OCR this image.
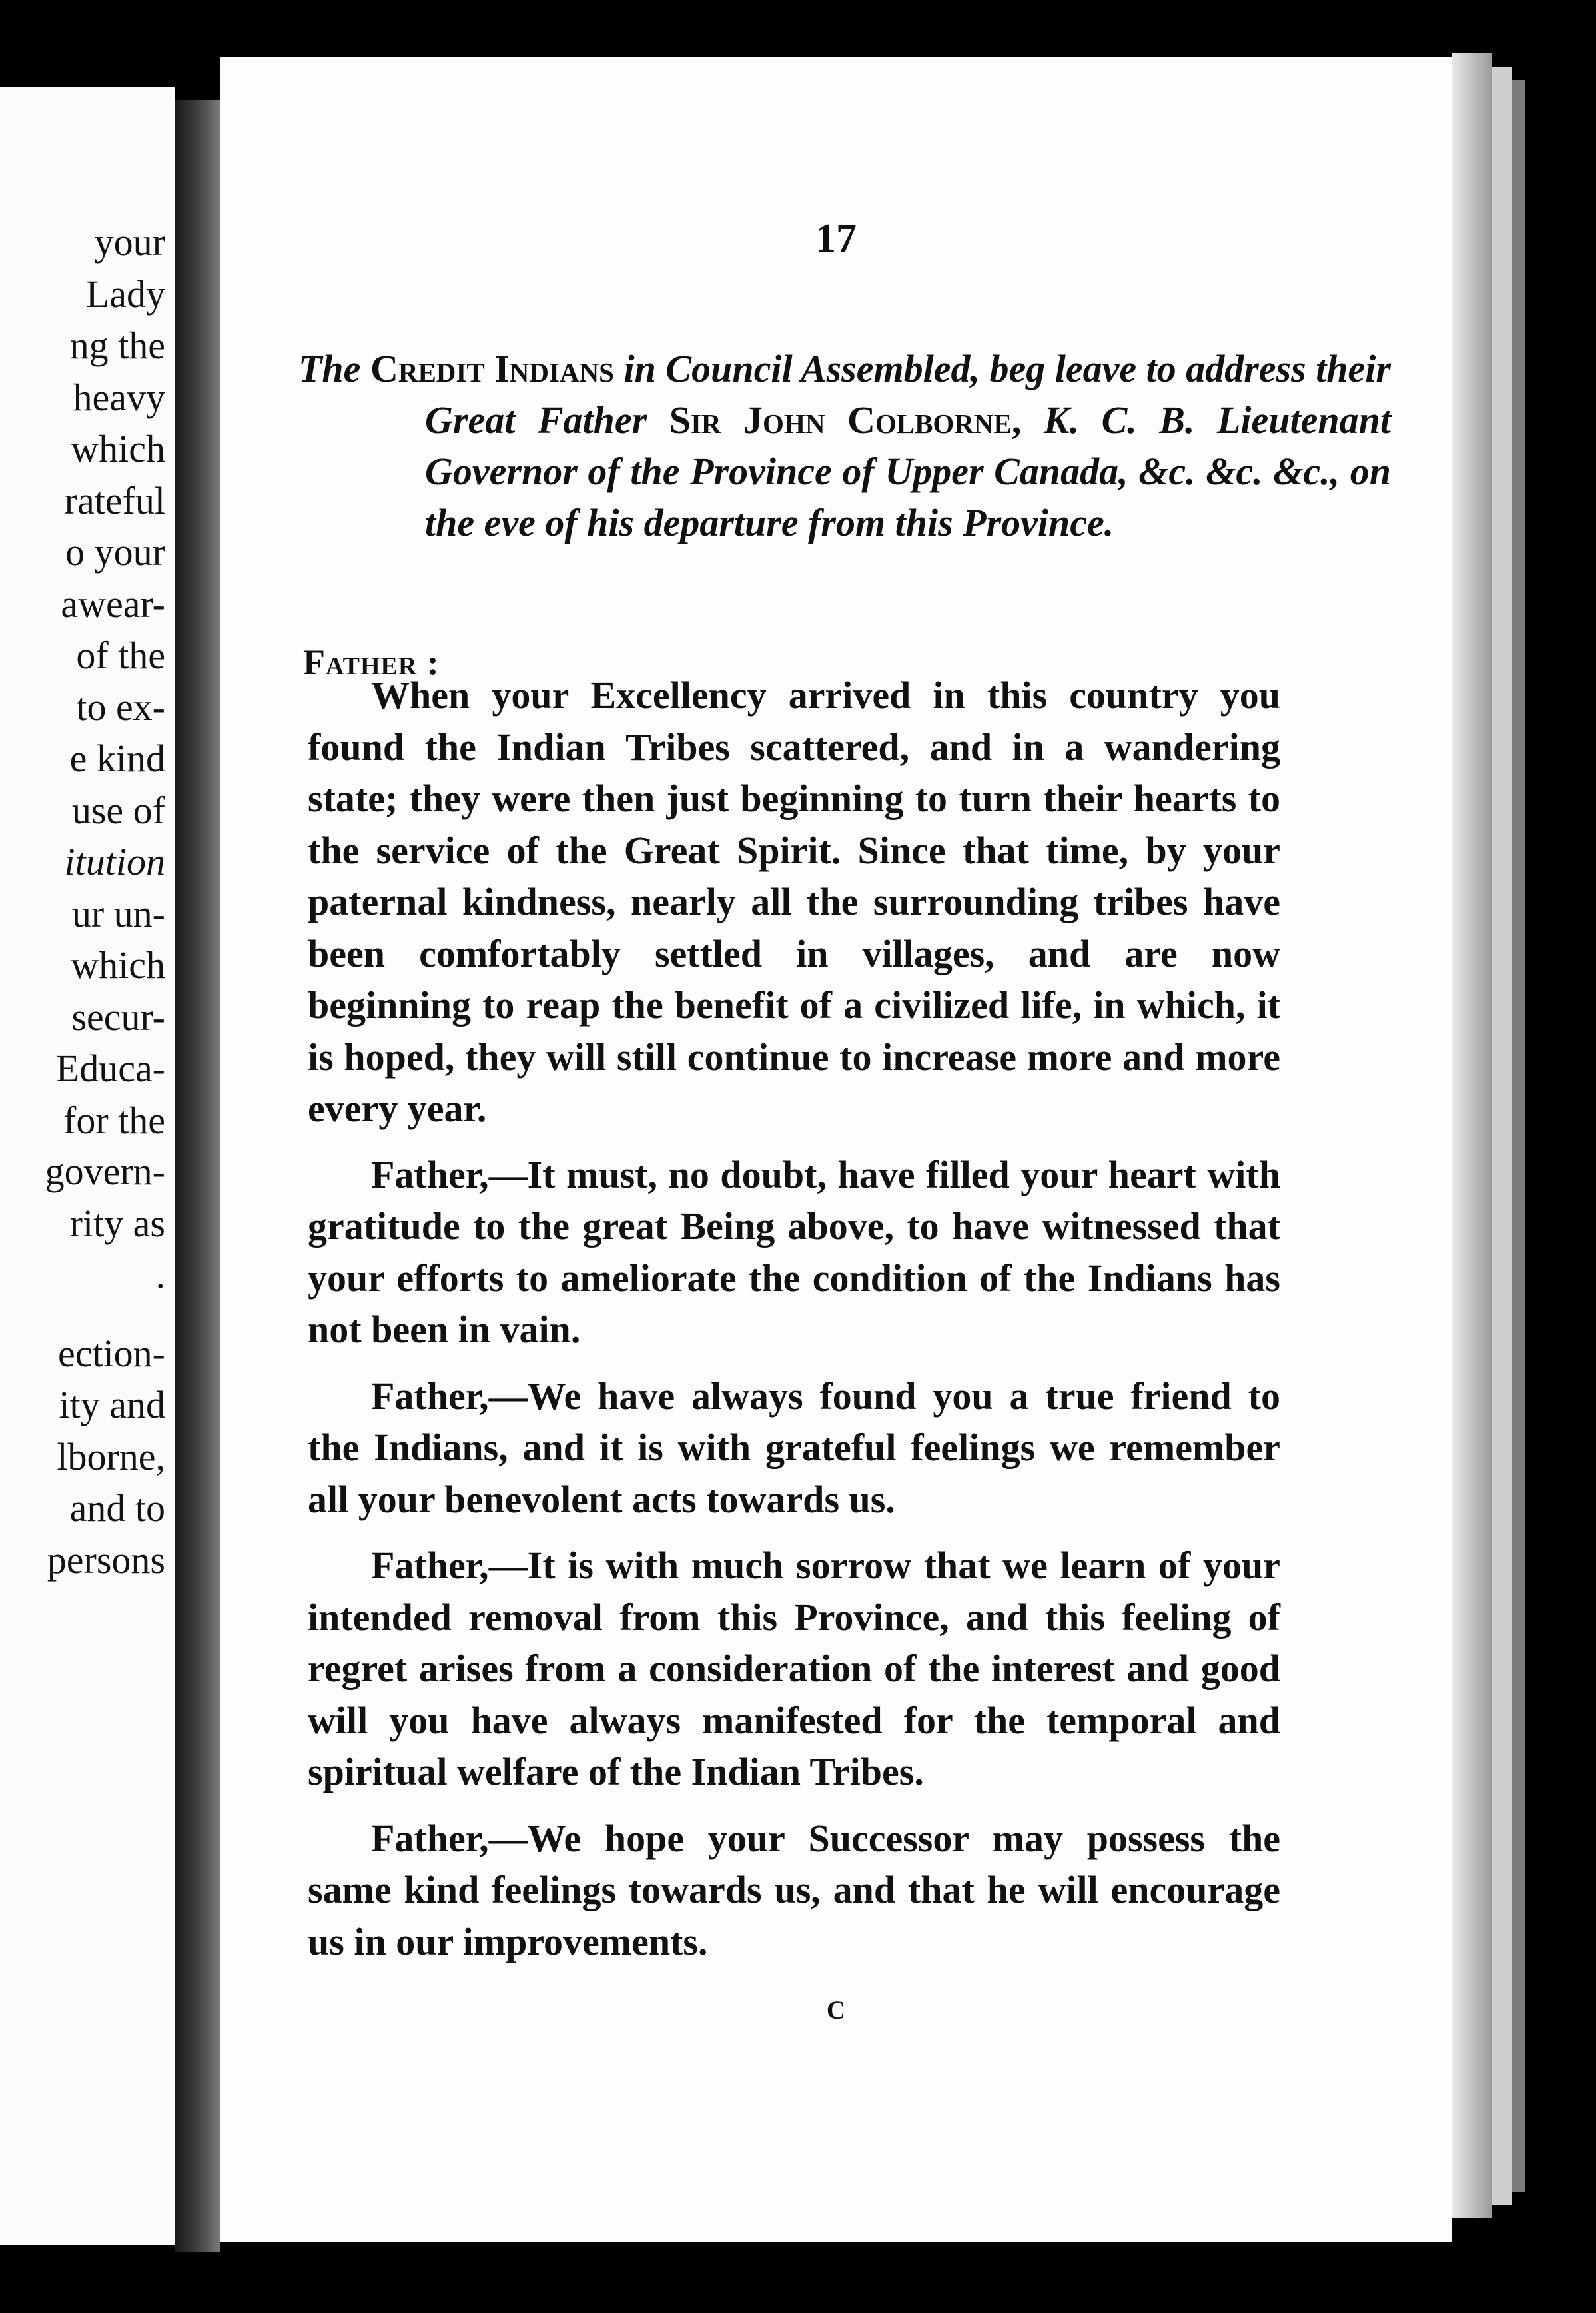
your
Lady
ng the
heavy
which
rateful
o your
awear-
of the
to ex-
e kind
use of
itution
ur un-
which
secur-
Educa-
for the
govern-
rity as
.
ection-
ity and
lborne,
and to
persons
17
The Credit Indians in Council Assembled, beg leave to address their Great Father Sir John Colborne, K. C. B. Lieutenant Governor of the Province of Upper Canada, &c. &c. &c., on the eve of his departure from this Province.
Father :

When your Excellency arrived in this country you found the Indian Tribes scattered, and in a wandering state; they were then just beginning to turn their hearts to the service of the Great Spirit. Since that time, by your paternal kindness, nearly all the surrounding tribes have been comfortably settled in villages, and are now beginning to reap the benefit of a civilized life, in which, it is hoped, they will still continue to increase more and more every year.

Father,—It must, no doubt, have filled your heart with gratitude to the great Being above, to have witnessed that your efforts to ameliorate the condition of the Indians has not been in vain.

Father,—We have always found you a true friend to the Indians, and it is with grateful feelings we remember all your benevolent acts towards us.

Father,—It is with much sorrow that we learn of your intended removal from this Province, and this feeling of regret arises from a consideration of the interest and good will you have always manifested for the temporal and spiritual welfare of the Indian Tribes.

Father,—We hope your Successor may possess the same kind feelings towards us, and that he will encourage us in our improvements.

c
